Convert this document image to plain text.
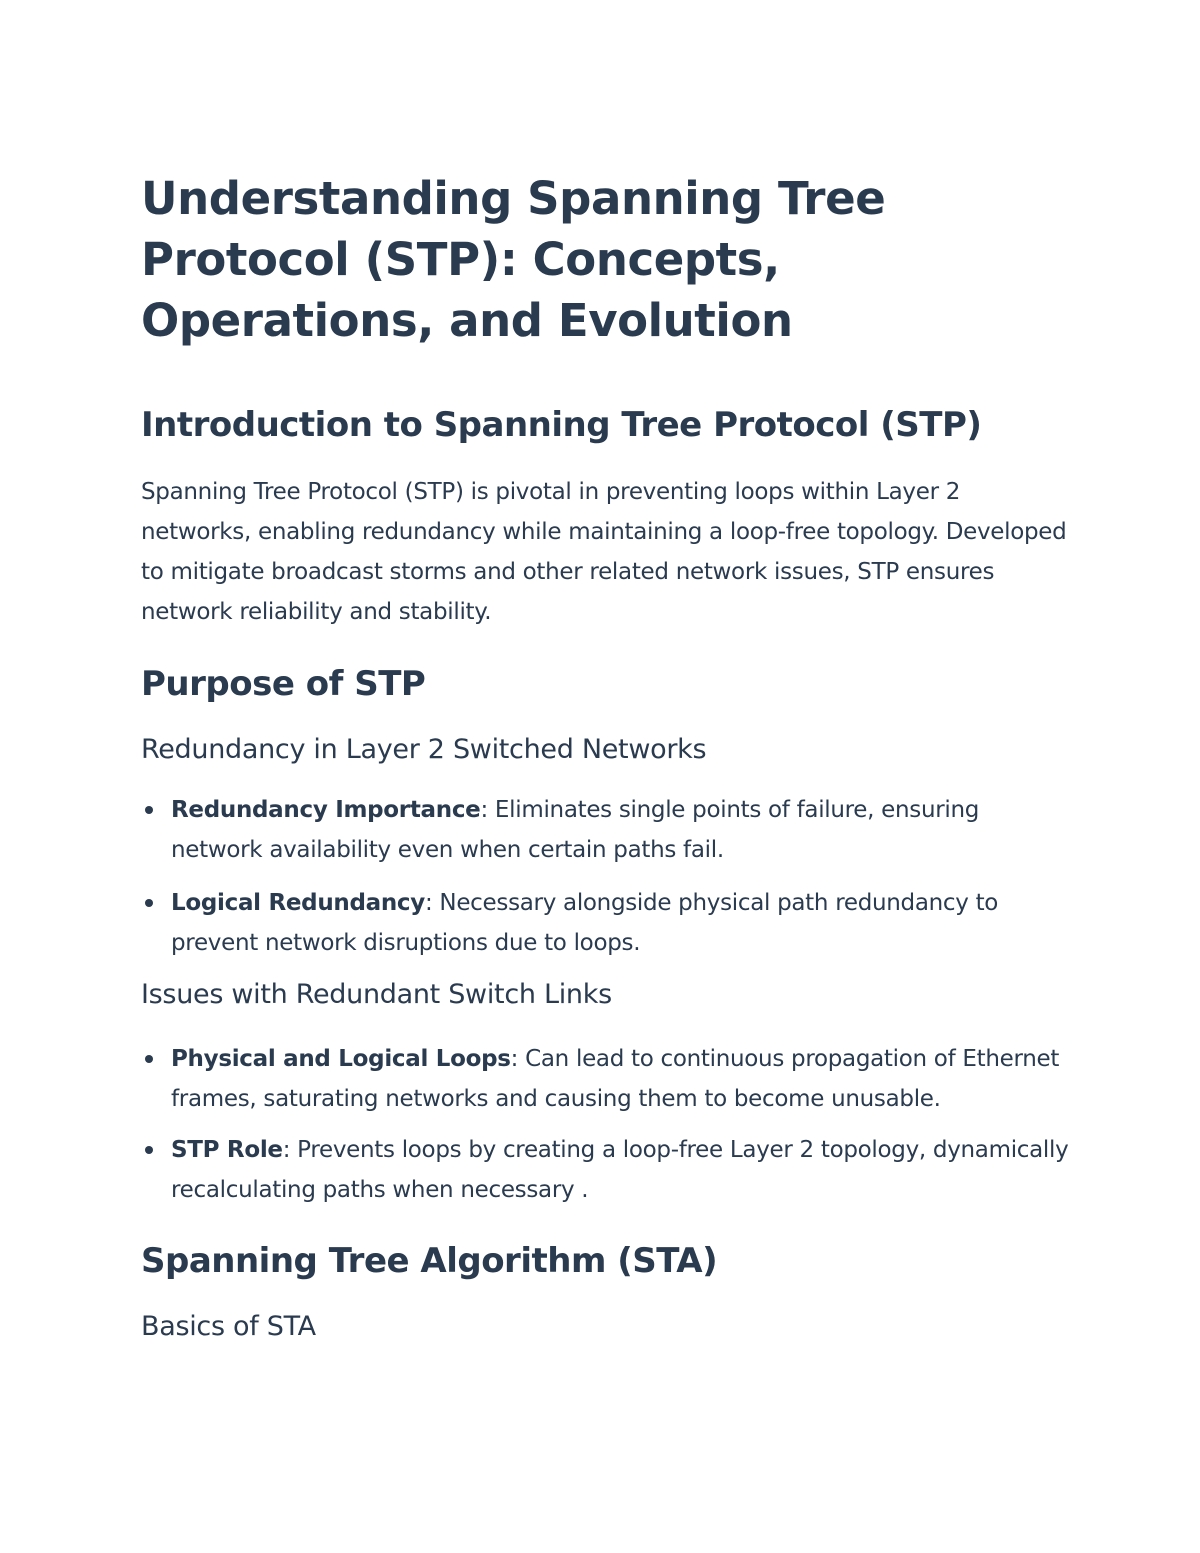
Understanding Spanning Tree Protocol (STP): Concepts, Operations, and Evolution
Introduction to Spanning Tree Protocol (STP)

Spanning Tree Protocol (STP) is pivotal in preventing loops within Layer 2 networks, enabling redundancy while maintaining a loop-free topology. Developed to mitigate broadcast storms and other related network issues, STP ensures network reliability and stability.

Purpose of STP
Redundancy in Layer 2 Switched Networks
Redundancy Importance: Eliminates single points of failure, ensuring network availability even when certain paths fail.
Logical Redundancy: Necessary alongside physical path redundancy to prevent network disruptions due to loops.
Issues with Redundant Switch Links
Physical and Logical Loops: Can lead to continuous propagation of Ethernet frames, saturating networks and causing them to become unusable.
STP Role: Prevents loops by creating a loop-free Layer 2 topology, dynamically recalculating paths when necessary .
Spanning Tree Algorithm (STA)
Basics of STA
